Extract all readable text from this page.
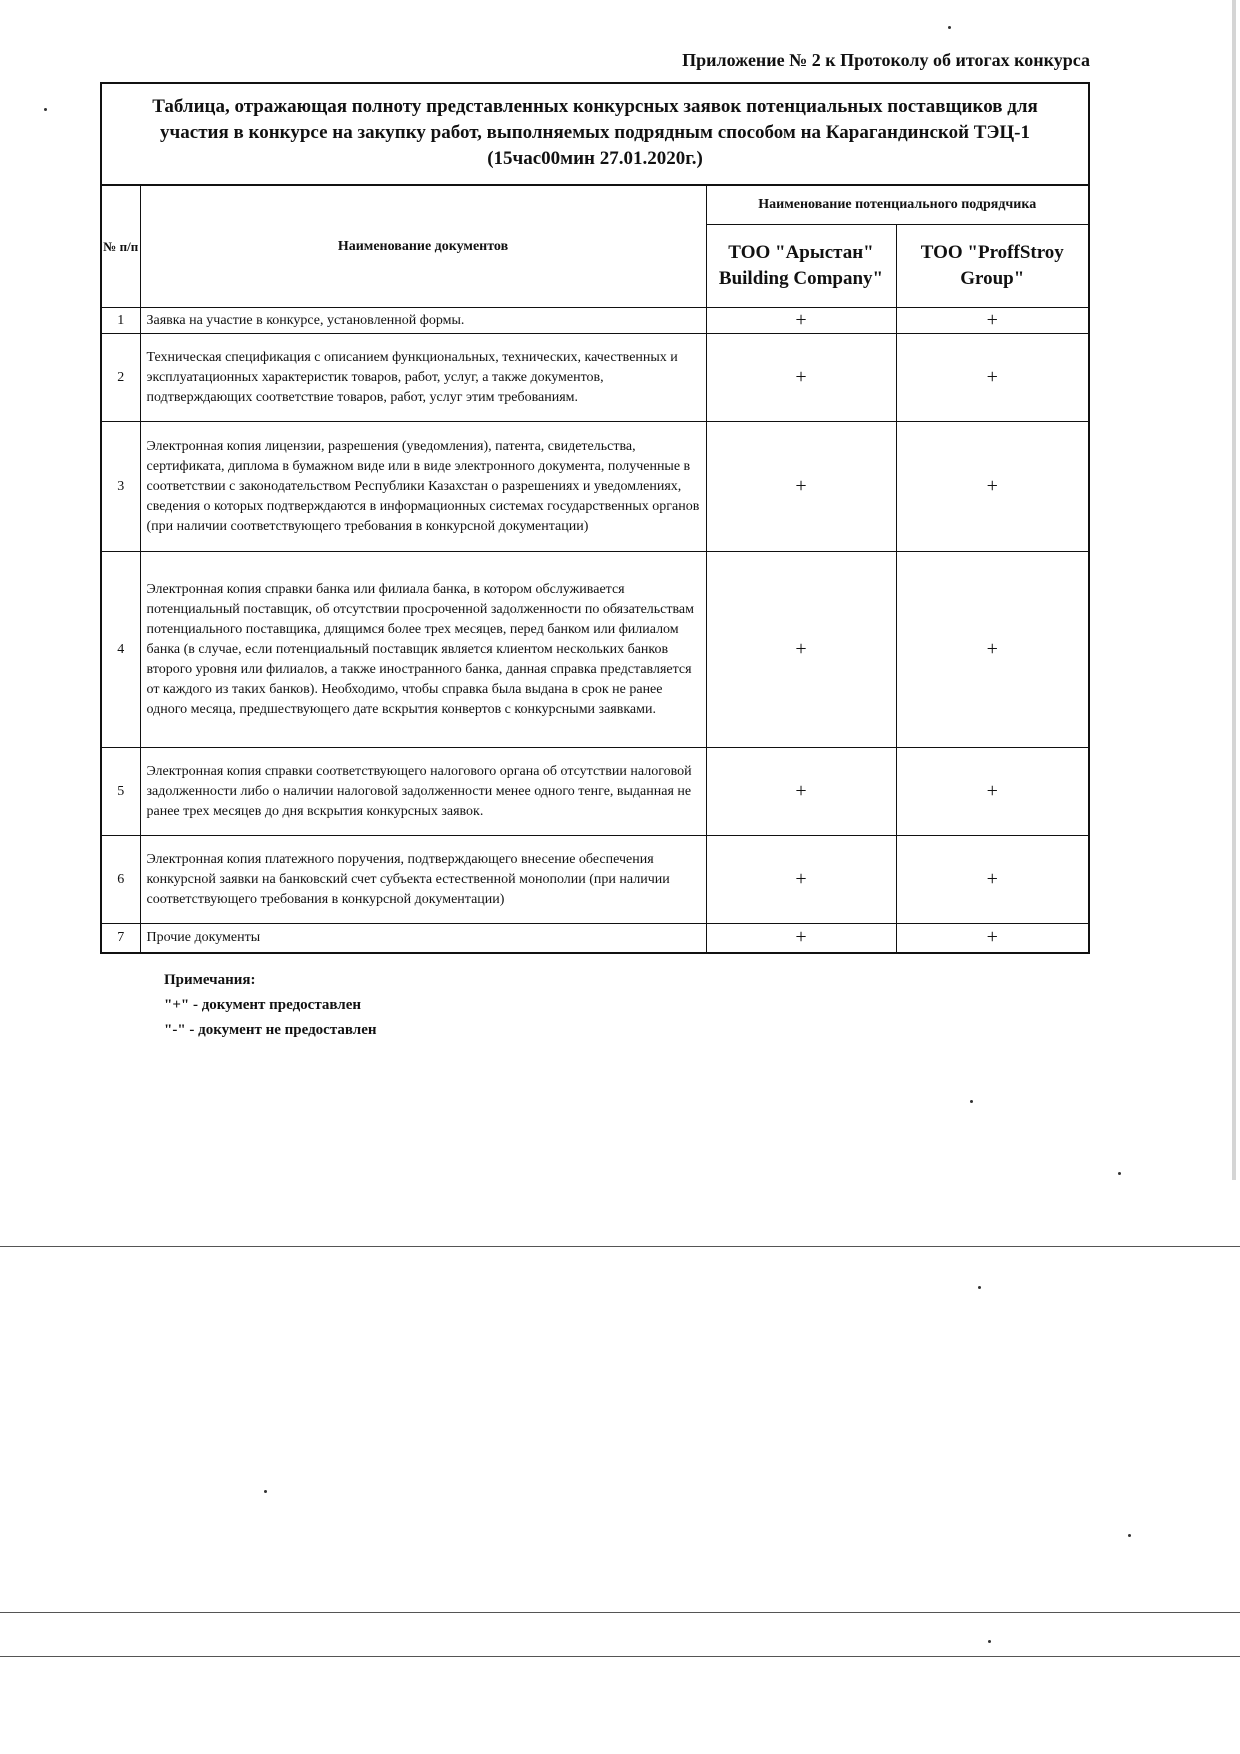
Приложение № 2 к Протоколу об итогах конкурса
Таблица, отражающая полноту представленных конкурсных заявок потенциальных поставщиков для участия в конкурсе на закупку работ, выполняемых подрядным способом на Карагандинской ТЭЦ-1 (15час00мин 27.01.2020г.)
№ п/п	Наименование документов	Наименование потенциального подрядчика	
		ТОО "Арыстан" Building Company"	ТОО "ProffStroy Group"
1	Заявка на участие в конкурсе, установленной формы.	+	+
2	Техническая спецификация с описанием функциональных, технических, качественных и эксплуатационных характеристик товаров, работ, услуг, а также документов, подтверждающих соответствие товаров, работ, услуг этим требованиям.	+	+
3	Электронная копия лицензии, разрешения (уведомления), патента, свидетельства, сертификата, диплома в бумажном виде или в виде электронного документа, полученные в соответствии с законодательством Республики Казахстан о разрешениях и уведомлениях, сведения о которых подтверждаются в информационных системах государственных органов (при наличии соответствующего требования в конкурсной документации)	+	+
4	Электронная копия справки банка или филиала банка, в котором обслуживается потенциальный поставщик, об отсутствии просроченной задолженности по обязательствам потенциального поставщика, длящимся более трех месяцев, перед банком или филиалом банка (в случае, если потенциальный поставщик является клиентом нескольких банков второго уровня или филиалов, а также иностранного банка, данная справка представляется от каждого из таких банков). Необходимо, чтобы справка была выдана в срок не ранее одного месяца, предшествующего дате вскрытия конвертов с конкурсными заявками.	+	+
5	Электронная копия справки соответствующего налогового органа об отсутствии налоговой задолженности либо о наличии налоговой задолженности менее одного тенге, выданная не ранее трех месяцев до дня вскрытия конкурсных заявок.	+	+
6	Электронная копия платежного поручения, подтверждающего внесение обеспечения конкурсной заявки на банковский счет субъекта естественной монополии (при наличии соответствующего требования в конкурсной документации)	+	+
7	Прочие документы	+	+
Примечания:
"+" - документ предоставлен
"-" - документ не предоставлен
